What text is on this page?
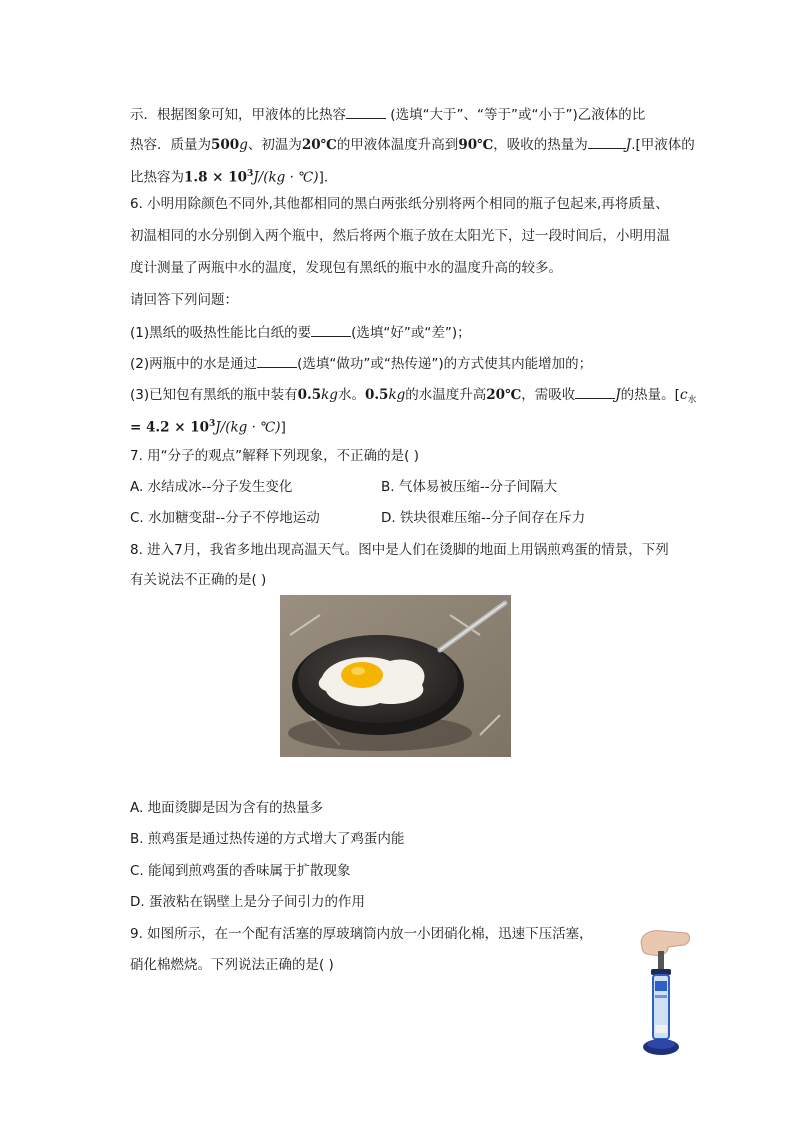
示．根据图象可知，甲液体的比热容	(选填“大于”、“等于”或“小于”)乙液体的比
热容．质量为500g、初温为20℃的甲液体温度升高到90℃，吸收的热量为	J.[甲液体的
比热容为$1.8 \times 10^3J/(kg$ · ℃)]．
6. 小明用除颜色不同外,其他都相同的黑白两张纸分别将两个相同的瓶子包起来,再将质量、
初温相同的水分别倒入两个瓶中，然后将两个瓶子放在太阳光下，过一段时间后，小明用温
度计测量了两瓶中水的温度，发现包有黑纸的瓶中水的温度升高的较多。
请回答下列问题：
(1)黑纸的吸热性能比白纸的要	(选填“好”或“差”)；
(2)两瓶中的水是通过	(选填“做功”或“热传递”)的方式使其内能增加的；
(3)已知包有黑纸的瓶中装有0.5kg水。0.5kg的水温度升高20℃，需吸收	J的热量。[$c_水$
= $4.2 \times 10^3J/(kg$ · ℃)]
7. 用“分子的观点”解释下列现象，不正确的是( )
A. 水结成冰--分子发生变化	B. 气体易被压缩--分子间隔大
C. 水加糖变甜--分子不停地运动	D. 铁块很难压缩--分子间存在斥力
8. 进入7月，我省多地出现高温天气。图中是人们在烫脚的地面上用锅煎鸡蛋的情景，下列
有关说法不正确的是( )
A. 地面烫脚是因为含有的热量多
B. 煎鸡蛋是通过热传递的方式增大了鸡蛋内能
C. 能闻到煎鸡蛋的香味属于扩散现象
D. 蛋液粘在锅壁上是分子间引力的作用
9. 如图所示，在一个配有活塞的厚玻璃筒内放一小团硝化棉，迅速下压活塞，
硝化棉燃烧。下列说法正确的是( )
